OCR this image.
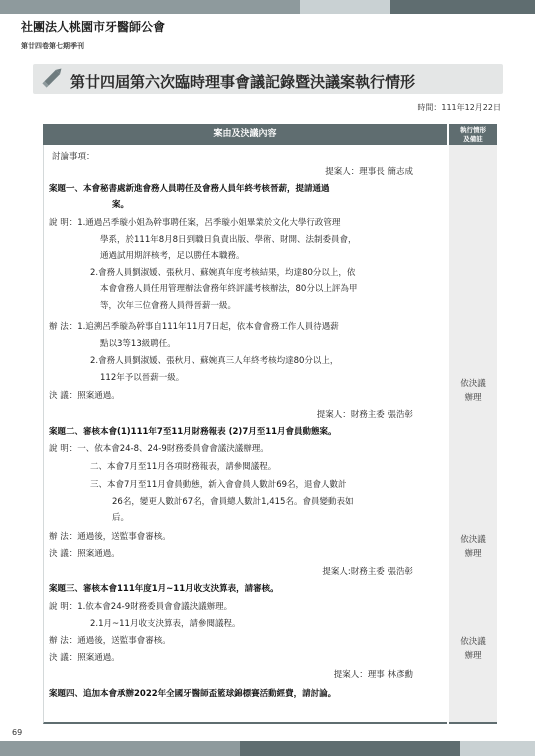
社團法人桃園市牙醫師公會
第廿四卷第七期季刊
第廿四屆第六次臨時理事會議記錄暨決議案執行情形
時間：111年12月22日
案由及決議內容	執行情形
及備註
討論事項：
提案人：理事長 簡志成
案題一、本會秘書處新進會務人員聘任及會務人員年終考核晉薪，提請通過
案。
說 明：1.通過呂季璇小姐為幹事聘任案，呂季璇小姐畢業於文化大學行政管理
學系，於111年8月8日到職日負責出版、學術、財開、法制委員會，
通過試用期評核考，足以勝任本職務。
2.會務人員劉淑媛、張秋月、蘇婉真年度考核結果，均達80分以上，依
本會會務人員任用管理辦法會務年終評議考核辦法，80分以上評為甲
等，次年三位會務人員得晉薪一級。
辦 法：1.追溯呂季璇為幹事自111年11月7日起，依本會會務工作人員待遇薪
點以3等13級聘任。
2.會務人員劉淑媛、張秋月、蘇婉真三人年終考核均達80分以上，
112年予以晉薪一級。
決 議：照案通過。
提案人：財務主委 張浩彰
案題二、審核本會(1)111年7至11月財務報表 (2)7月至11月會員動態案。
說 明：一、依本會24-8、24-9財務委員會會議決議辦理。
二、本會7月至11月各項財務報表，請參閱議程。
三、本會7月至11月會員動態，新入會會員人數計69名，退會人數計
26名，變更人數計67名，會員總人數計1,415名。會員變動表如
后。
辦 法：通過後，送監事會審核。
決 議：照案通過。
提案人:財務主委 張浩彰
案題三、審核本會111年度1月~11月收支決算表，請審核。
說 明：1.依本會24-9財務委員會會議決議辦理。
2.1月~11月收支決算表，請參閱議程。
辦 法：通過後，送監事會審核。
決 議：照案通過。
提案人：理事 林彥勳
案題四、追加本會承辦2022年全國牙醫師盃籃球錦標賽活動經費，請討論。
依決議
辦理
依決議
辦理
依決議
辦理
69
